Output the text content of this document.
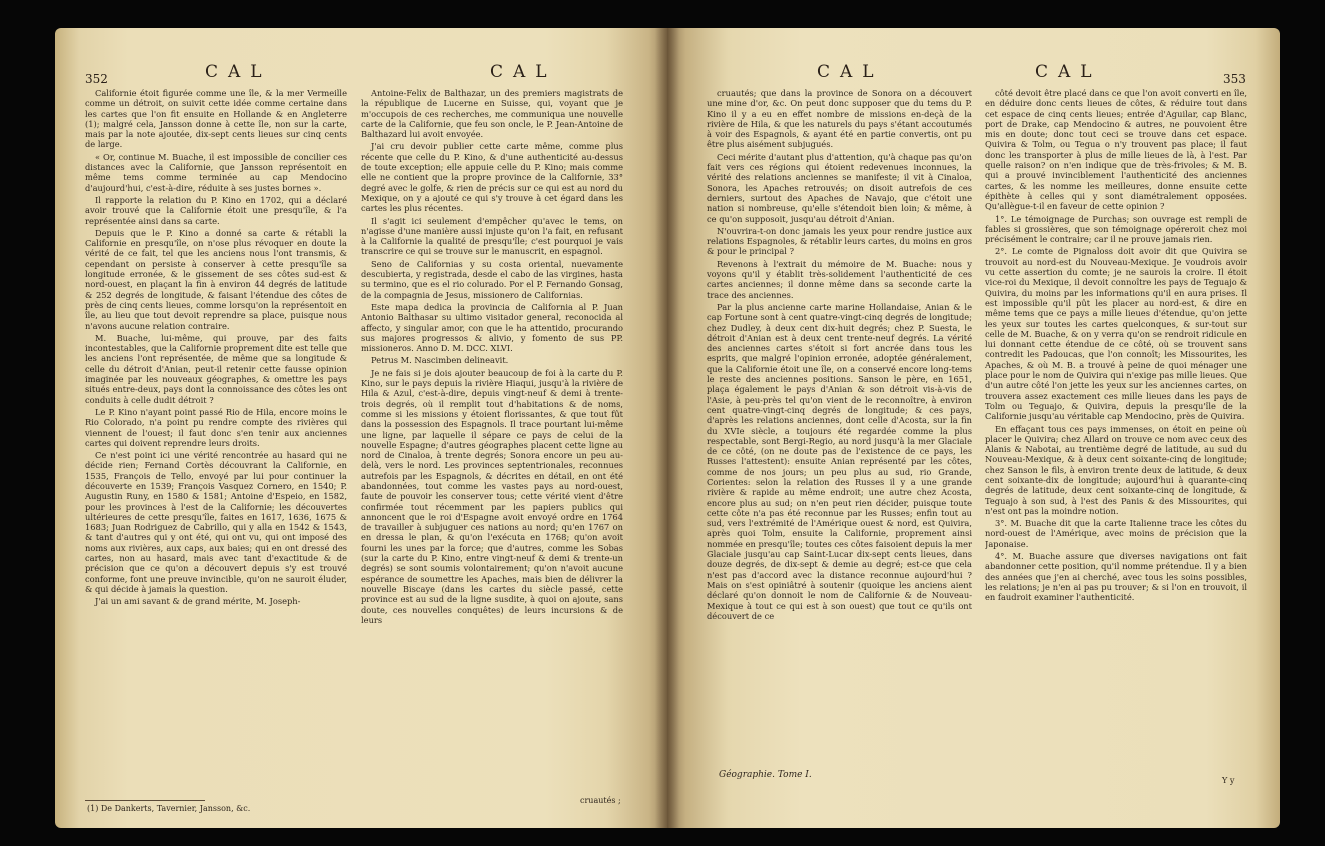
352	CAL	CAL

Californie étoit figurée comme une île, & la mer Vermeille comme un détroit, on suivit cette idée comme certaine dans les cartes que l'on fit ensuite en Hollande & en Angleterre (1); malgré cela, Jansson donne à cette île, non sur la carte, mais par la note ajoutée, dix-sept cents lieues sur cinq cents de large.

« Or, continue M. Buache, il est impossible de concilier ces distances avec la Californie, que Jansson représentoit en même tems comme terminée au cap Mendocino d'aujourd'hui, c'est-à-dire, réduite à ses justes bornes ».

Il rapporte la relation du P. Kino en 1702, qui a déclaré avoir trouvé que la Californie étoit une presqu'île, & l'a représentée ainsi dans sa carte.

Depuis que le P. Kino a donné sa carte & rétabli la Californie en presqu'île, on n'ose plus révoquer en doute la vérité de ce fait, tel que les anciens nous l'ont transmis, & cependant on persiste à conserver à cette presqu'île sa longitude erronée, & le gissement de ses côtes sud-est & nord-ouest, en plaçant la fin à environ 44 degrés de latitude & 252 degrés de longitude, & faisant l'étendue des côtes de près de cinq cents lieues, comme lorsqu'on la représentoit en île, au lieu que tout devoit reprendre sa place, puisque nous n'avons aucune relation contraire.

M. Buache, lui-même, qui prouve, par des faits incontestables, que la Californie proprement dite est telle que les anciens l'ont représentée, de même que sa longitude & celle du détroit d'Anian, peut-il retenir cette fausse opinion imaginée par les nouveaux géographes, & omettre les pays situés entre-deux, pays dont la connoissance des côtes les ont conduits à celle dudit détroit ?

Le P. Kino n'ayant point passé Rio de Hila, encore moins le Rio Colorado, n'a point pu rendre compte des rivières qui viennent de l'ouest; il faut donc s'en tenir aux anciennes cartes qui doivent reprendre leurs droits.

Ce n'est point ici une vérité rencontrée au hasard qui ne décide rien; Fernand Cortès découvrant la Californie, en 1535, François de Tello, envoyé par lui pour continuer la découverte en 1539; François Vasquez Cornero, en 1540; P. Augustin Runy, en 1580 & 1581; Antoine d'Espeio, en 1582, pour les provinces à l'est de la Californie; les découvertes ultérieures de cette presqu'île, faites en 1617, 1636, 1675 & 1683; Juan Rodriguez de Cabrillo, qui y alla en 1542 & 1543, & tant d'autres qui y ont été, qui ont vu, qui ont imposé des noms aux rivières, aux caps, aux baies; qui en ont dressé des cartes, non au hasard, mais avec tant d'exactitude & de précision que ce qu'on a découvert depuis s'y est trouvé conforme, font une preuve invincible, qu'on ne sauroit éluder, & qui décide à jamais la question.

J'ai un ami savant & de grand mérite, M. Joseph-

(1) De Dankerts, Tavernier, Jansson, &c.

Antoine-Felix de Balthazar, un des premiers magistrats de la république de Lucerne en Suisse, qui, voyant que je m'occupois de ces recherches, me communiqua une nouvelle carte de la Californie, que feu son oncle, le P. Jean-Antoine de Balthazard lui avoit envoyée.

J'ai cru devoir publier cette carte même, comme plus récente que celle du P. Kino, & d'une authenticité au-dessus de toute exception; elle appuie celle du P. Kino; mais comme elle ne contient que la propre province de la Californie, 33° degré avec le golfe, & rien de précis sur ce qui est au nord du Mexique, on y a ajouté ce qui s'y trouve à cet égard dans les cartes les plus récentes.

Il s'agit ici seulement d'empêcher qu'avec le tems, on n'agisse d'une manière aussi injuste qu'on l'a fait, en refusant à la Californie la qualité de presqu'île; c'est pourquoi je vais transcrire ce qui se trouve sur le manuscrit, en espagnol.

Seno de Californias y su costa oriental, nuevamente descubierta, y registrada, desde el cabo de las virgines, hasta su termino, que es el rio colurado. Por el P. Fernando Gonsag, de la compagnia de Jesus, missionero de Californias.

Este mapa dedica la provincia de California al P. Juan Antonio Balthasar su ultimo visitador general, reconocida al affecto, y singular amor, con que le ha attentido, procurando sus majores progressos & alivio, y fomento de sus PP. missioneros. Anno D. M. DCC. XLVI.

Petrus M. Nascimben delineavit.

Je ne fais si je dois ajouter beaucoup de foi à la carte du P. Kino, sur le pays depuis la rivière Hiaqui, jusqu'à la rivière de Hila & Azul, c'est-à-dire, depuis vingt-neuf & demi à trente-trois degrés, où il remplit tout d'habitations & de noms, comme si les missions y étoient florissantes, & que tout fût dans la possession des Espagnols. Il trace pourtant lui-même une ligne, par laquelle il sépare ce pays de celui de la nouvelle Espagne; d'autres géographes placent cette ligne au nord de Cinaloa, à trente degrés; Sonora encore un peu au-delà, vers le nord. Les provinces septentrionales, reconnues autrefois par les Espagnols, & décrites en détail, en ont été abandonnées, tout comme les vastes pays au nord-ouest, faute de pouvoir les conserver tous; cette vérité vient d'être confirmée tout récemment par les papiers publics qui annoncent que le roi d'Espagne avoit envoyé ordre en 1764 de travailler à subjuguer ces nations au nord; qu'en 1767 on en dressa le plan, & qu'on l'exécuta en 1768; qu'on avoit fourni les unes par la force; que d'autres, comme les Sobas (sur la carte du P. Kino, entre vingt-neuf & demi & trente-un degrés) se sont soumis volontairement; qu'on n'avoit aucune espérance de soumettre les Apaches, mais bien de délivrer la nouvelle Biscaye (dans les cartes du siècle passé, cette province est au sud de la ligne susdite, à quoi on ajoute, sans doute, ces nouvelles conquêtes) de leurs incursions & de leurs

cruautés ;
CAL	CAL	353

cruautés; que dans la province de Sonora on a découvert une mine d'or, &c. On peut donc supposer que du tems du P. Kino il y a eu en effet nombre de missions en-deçà de la rivière de Hila, & que les naturels du pays s'étant accoutumés à voir des Espagnols, & ayant été en partie convertis, ont pu être plus aisément subjugués.

Ceci mérite d'autant plus d'attention, qu'à chaque pas qu'on fait vers ces régions qui étoient redevenues inconnues, la vérité des relations anciennes se manifeste; il vit à Cinaloa, Sonora, les Apaches retrouvés; on disoit autrefois de ces derniers, surtout des Apaches de Navajo, que c'étoit une nation si nombreuse, qu'elle s'étendoit bien loin; & même, à ce qu'on supposoit, jusqu'au détroit d'Anian.

N'ouvrira-t-on donc jamais les yeux pour rendre justice aux relations Espagnoles, & rétablir leurs cartes, du moins en gros & pour le principal ?

Revenons à l'extrait du mémoire de M. Buache: nous y voyons qu'il y établit très-solidement l'authenticité de ces cartes anciennes; il donne même dans sa seconde carte la trace des anciennes.

Par la plus ancienne carte marine Hollandaise, Anian & le cap Fortune sont à cent quatre-vingt-cinq degrés de longitude; chez Dudley, à deux cent dix-huit degrés; chez P. Suesta, le détroit d'Anian est à deux cent trente-neuf degrés. La vérité des anciennes cartes s'étoit si fort ancrée dans tous les esprits, que malgré l'opinion erronée, adoptée généralement, que la Californie étoit une île, on a conservé encore long-tems le reste des anciennes positions. Sanson le père, en 1651, plaça également le pays d'Anian & son détroit vis-à-vis de l'Asie, à peu-près tel qu'on vient de le reconnoître, à environ cent quatre-vingt-cinq degrés de longitude; & ces pays, d'après les relations anciennes, dont celle d'Acosta, sur la fin du XVIe siècle, a toujours été regardée comme la plus respectable, sont Bergi-Regio, au nord jusqu'à la mer Glaciale de ce côté, (on ne doute pas de l'existence de ce pays, les Russes l'attestent): ensuite Anian représenté par les côtes, comme de nos jours; un peu plus au sud, rio Grande, Corientes: selon la relation des Russes il y a une grande rivière & rapide au même endroit; une autre chez Acosta, encore plus au sud; on n'en peut rien décider, puisque toute cette côte n'a pas été reconnue par les Russes; enfin tout au sud, vers l'extrémité de l'Amérique ouest & nord, est Quivira, après quoi Tolm, ensuite la Californie, proprement ainsi nommée en presqu'île; toutes ces côtes faisoient depuis la mer Glaciale jusqu'au cap Saint-Lucar dix-sept cents lieues, dans douze degrés, de dix-sept & demie au degré; est-ce que cela n'est pas d'accord avec la distance reconnue aujourd'hui ? Mais on s'est opiniâtré à soutenir (quoique les anciens aient déclaré qu'on donnoit le nom de Californie & de Nouveau-Mexique à tout ce qui est à son ouest) que tout ce qu'ils ont découvert de ce

Géographie. Tome I.

côté devoit être placé dans ce que l'on avoit converti en île, en déduire donc cents lieues de côtes, & réduire tout dans cet espace de cinq cents lieues; entrée d'Aguilar, cap Blanc, port de Drake, cap Mendocino & autres, ne pouvoient être mis en doute; donc tout ceci se trouve dans cet espace. Quivira & Tolm, ou Tegua o n'y trouvent pas place; il faut donc les transporter à plus de mille lieues de là, à l'est. Par quelle raison? on n'en indique que de très-frivoles; & M. B. qui a prouvé invinciblement l'authenticité des anciennes cartes, & les nomme les meilleures, donne ensuite cette épithète à celles qui y sont diamétralement opposées. Qu'allègue-t-il en faveur de cette opinion ?

1°. Le témoignage de Purchas; son ouvrage est rempli de fables si grossières, que son témoignage opéreroit chez moi précisément le contraire; car il ne prouve jamais rien.

2°. Le comte de Pignaloss doit avoir dit que Quivira se trouvoit au nord-est du Nouveau-Mexique. Je voudrois avoir vu cette assertion du comte; je ne saurois la croire. Il étoit vice-roi du Mexique, il devoit connoître les pays de Teguajo & Quivira, du moins par les informations qu'il en aura prises. Il est impossible qu'il pût les placer au nord-est, & dire en même tems que ce pays a mille lieues d'étendue, qu'on jette les yeux sur toutes les cartes quelconques, & sur-tout sur celle de M. Buache, & on y verra qu'on se rendroit ridicule en lui donnant cette étendue de ce côté, où se trouvent sans contredit les Padoucas, que l'on connoît; les Missourites, les Apaches, & où M. B. a trouvé à peine de quoi ménager une place pour le nom de Quivira qui n'exige pas mille lieues. Que d'un autre côté l'on jette les yeux sur les anciennes cartes, on trouvera assez exactement ces mille lieues dans les pays de Tolm ou Teguajo, & Quivira, depuis la presqu'île de la Californie jusqu'au véritable cap Mendocino, près de Quivira.

En effaçant tous ces pays immenses, on étoit en peine où placer le Quivira; chez Allard on trouve ce nom avec ceux des Alanis & Nabotai, au trentième degré de latitude, au sud du Nouveau-Mexique, & à deux cent soixante-cinq de longitude; chez Sanson le fils, à environ trente deux de latitude, & deux cent soixante-dix de longitude; aujourd'hui à quarante-cinq degrés de latitude, deux cent soixante-cinq de longitude, & Teguajo à son sud, à l'est des Panis & des Missourites, qui n'est ont pas la moindre notion.

3°. M. Buache dit que la carte Italienne trace les côtes du nord-ouest de l'Amérique, avec moins de précision que la Japonaise.

4°. M. Buache assure que diverses navigations ont fait abandonner cette position, qu'il nomme prétendue. Il y a bien des années que j'en ai cherché, avec tous les soins possibles, les relations; je n'en ai pas pu trouver; & si l'on en trouvoit, il en faudroit examiner l'authenticité.

Y y
